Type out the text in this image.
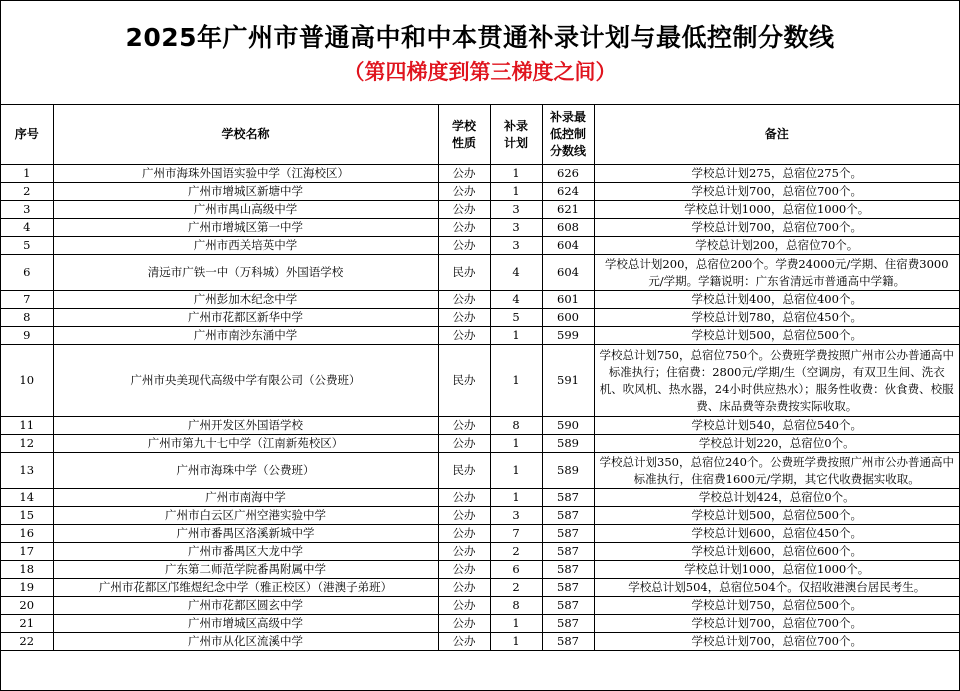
2025年广州市普通高中和中本贯通补录计划与最低控制分数线
（第四梯度到第三梯度之间）
序号	学校名称	学校性质	补录计划	补录最低控制分数线	备注
1	广州市海珠外国语实验中学（江海校区）	公办	1	626	学校总计划275，总宿位275个。
2	广州市增城区新塘中学	公办	1	624	学校总计划700，总宿位700个。
3	广州市禺山高级中学	公办	3	621	学校总计划1000，总宿位1000个。
4	广州市增城区第一中学	公办	3	608	学校总计划700，总宿位700个。
5	广州市西关培英中学	公办	3	604	学校总计划200，总宿位70个。
6	清远市广铁一中（万科城）外国语学校	民办	4	604	学校总计划200，总宿位200个。学费24000元/学期、住宿费3000元/学期。学籍说明：广东省清远市普通高中学籍。
7	广州彭加木纪念中学	公办	4	601	学校总计划400，总宿位400个。
8	广州市花都区新华中学	公办	5	600	学校总计划780，总宿位450个。
9	广州市南沙东涌中学	公办	1	599	学校总计划500，总宿位500个。
10	广州市央美现代高级中学有限公司（公费班）	民办	1	591	学校总计划750，总宿位750个。公费班学费按照广州市公办普通高中标准执行；住宿费：2800元/学期/生（空调房，有双卫生间、洗衣机、吹风机、热水器，24小时供应热水）；服务性收费：伙食费、校服费、床品费等杂费按实际收取。
11	广州开发区外国语学校	公办	8	590	学校总计划540，总宿位540个。
12	广州市第九十七中学（江南新苑校区）	公办	1	589	学校总计划220，总宿位0个。
13	广州市海珠中学（公费班）	民办	1	589	学校总计划350，总宿位240个。公费班学费按照广州市公办普通高中标准执行，住宿费1600元/学期，其它代收费据实收取。
14	广州市南海中学	公办	1	587	学校总计划424，总宿位0个。
15	广州市白云区广州空港实验中学	公办	3	587	学校总计划500，总宿位500个。
16	广州市番禺区洛溪新城中学	公办	7	587	学校总计划600，总宿位450个。
17	广州市番禺区大龙中学	公办	2	587	学校总计划600，总宿位600个。
18	广东第二师范学院番禺附属中学	公办	6	587	学校总计划1000，总宿位1000个。
19	广州市花都区邝维煜纪念中学（雅正校区）（港澳子弟班）	公办	2	587	学校总计划504，总宿位504个。仅招收港澳台居民考生。
20	广州市花都区圆玄中学	公办	8	587	学校总计划750，总宿位500个。
21	广州市增城区高级中学	公办	1	587	学校总计划700，总宿位700个。
22	广州市从化区流溪中学	公办	1	587	学校总计划700，总宿位700个。
